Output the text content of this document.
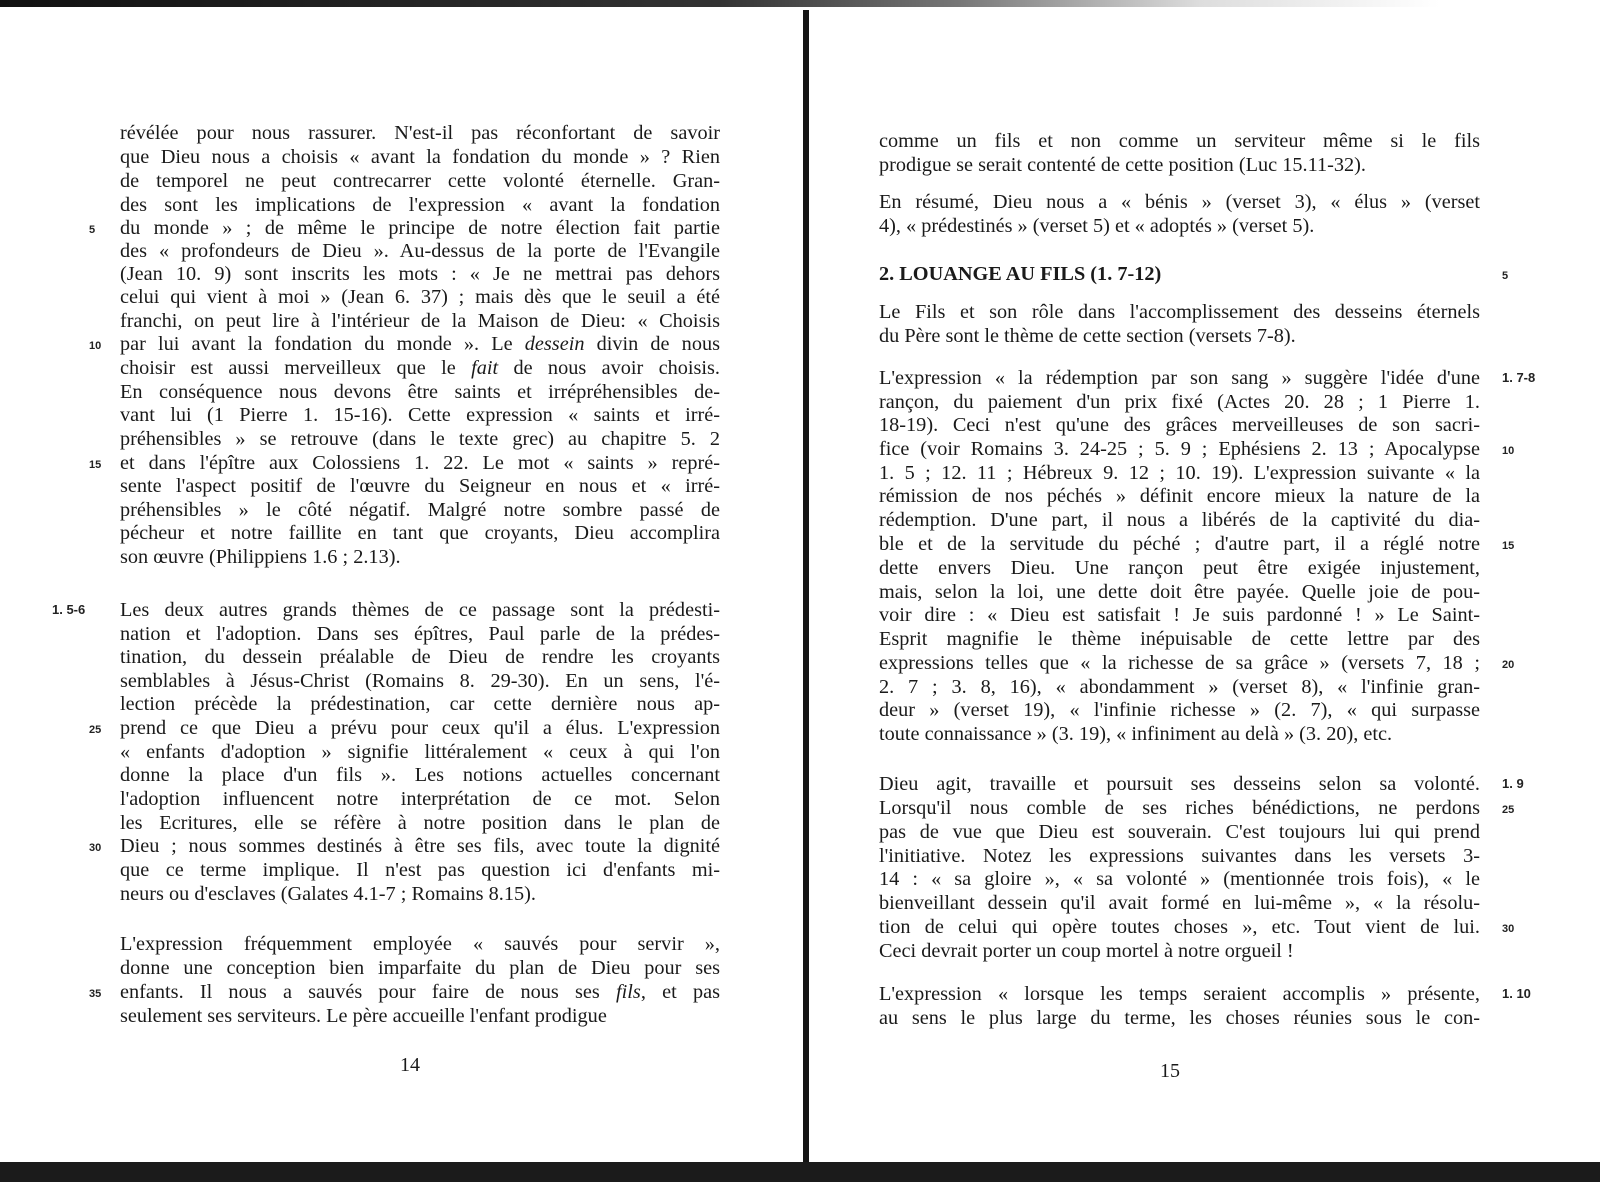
révélée pour nous rassurer. N'est-il pas réconfortant de savoir
que Dieu nous a choisis « avant la fondation du monde » ? Rien
de temporel ne peut contrecarrer cette volonté éternelle. Gran-
des sont les implications de l'expression « avant la fondation
du monde » ; de même le principe de notre élection fait partie
des « profondeurs de Dieu ». Au-dessus de la porte de l'Evangile
(Jean 10. 9) sont inscrits les mots : « Je ne mettrai pas dehors
celui qui vient à moi » (Jean 6. 37) ; mais dès que le seuil a été
franchi, on peut lire à l'intérieur de la Maison de Dieu: « Choisis
par lui avant la fondation du monde ». Le dessein divin de nous
choisir est aussi merveilleux que le fait de nous avoir choisis.
En conséquence nous devons être saints et irrépréhensibles de-
vant lui (1 Pierre 1. 15-16). Cette expression « saints et irré-
préhensibles » se retrouve (dans le texte grec) au chapitre 5. 2
et dans l'épître aux Colossiens 1. 22. Le mot « saints » repré-
sente l'aspect positif de l'œuvre du Seigneur en nous et « irré-
préhensibles » le côté négatif. Malgré notre sombre passé de
pécheur et notre faillite en tant que croyants, Dieu accomplira
son œuvre (Philippiens 1.6 ; 2.13).
Les deux autres grands thèmes de ce passage sont la prédesti-
nation et l'adoption. Dans ses épîtres, Paul parle de la prédes-
tination, du dessein préalable de Dieu de rendre les croyants
semblables à Jésus-Christ (Romains 8. 29-30). En un sens, l'é-
lection précède la prédestination, car cette dernière nous ap-
prend ce que Dieu a prévu pour ceux qu'il a élus. L'expression
« enfants d'adoption » signifie littéralement « ceux à qui l'on
donne la place d'un fils ». Les notions actuelles concernant
l'adoption influencent notre interprétation de ce mot. Selon
les Ecritures, elle se réfère à notre position dans le plan de
Dieu ; nous sommes destinés à être ses fils, avec toute la dignité
que ce terme implique. Il n'est pas question ici d'enfants mi-
neurs ou d'esclaves (Galates 4.1-7 ; Romains 8.15).
L'expression fréquemment employée « sauvés pour servir »,
donne une conception bien imparfaite du plan de Dieu pour ses
enfants. Il nous a sauvés pour faire de nous ses fils, et pas
seulement ses serviteurs. Le père accueille l'enfant prodigue
5
10
15
25
30
35
1. 5-6
14
comme un fils et non comme un serviteur même si le fils
prodigue se serait contenté de cette position (Luc 15.11-32).
En résumé, Dieu nous a « bénis » (verset 3), « élus » (verset
4), « prédestinés » (verset 5) et « adoptés » (verset 5).
2. LOUANGE AU FILS (1. 7-12)
Le Fils et son rôle dans l'accomplissement des desseins éternels
du Père sont le thème de cette section (versets 7-8).
L'expression « la rédemption par son sang » suggère l'idée d'une
rançon, du paiement d'un prix fixé (Actes 20. 28 ; 1 Pierre 1.
18-19). Ceci n'est qu'une des grâces merveilleuses de son sacri-
fice (voir Romains 3. 24-25 ; 5. 9 ; Ephésiens 2. 13 ; Apocalypse
1. 5 ; 12. 11 ; Hébreux 9. 12 ; 10. 19). L'expression suivante « la
rémission de nos péchés » définit encore mieux la nature de la
rédemption. D'une part, il nous a libérés de la captivité du dia-
ble et de la servitude du péché ; d'autre part, il a réglé notre
dette envers Dieu. Une rançon peut être exigée injustement,
mais, selon la loi, une dette doit être payée. Quelle joie de pou-
voir dire : « Dieu est satisfait ! Je suis pardonné ! » Le Saint-
Esprit magnifie le thème inépuisable de cette lettre par des
expressions telles que « la richesse de sa grâce » (versets 7, 18 ;
2. 7 ; 3. 8, 16), « abondamment » (verset 8), « l'infinie gran-
deur » (verset 19), « l'infinie richesse » (2. 7), « qui surpasse
toute connaissance » (3. 19), « infiniment au delà » (3. 20), etc.
Dieu agit, travaille et poursuit ses desseins selon sa volonté.
Lorsqu'il nous comble de ses riches bénédictions, ne perdons
pas de vue que Dieu est souverain. C'est toujours lui qui prend
l'initiative. Notez les expressions suivantes dans les versets 3-
14 : « sa gloire », « sa volonté » (mentionnée trois fois), « le
bienveillant dessein qu'il avait formé en lui-même », « la résolu-
tion de celui qui opère toutes choses », etc. Tout vient de lui.
Ceci devrait porter un coup mortel à notre orgueil !
L'expression « lorsque les temps seraient accomplis » présente,
au sens le plus large du terme, les choses réunies sous le con-
5
10
15
20
25
30
1. 7-8
1. 9
1. 10
15
